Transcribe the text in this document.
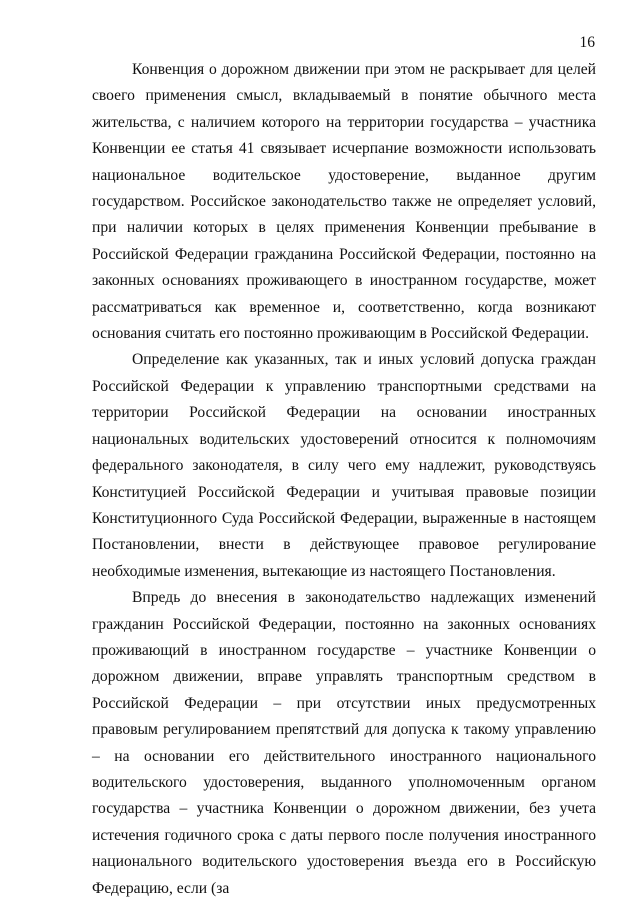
16

Конвенция о дорожном движении при этом не раскрывает для целей своего применения смысл, вкладываемый в понятие обычного места жительства, с наличием которого на территории государства – участника Конвенции ее статья 41 связывает исчерпание возможности использовать национальное водительское удостоверение, выданное другим государством. Российское законодательство также не определяет условий, при наличии которых в целях применения Конвенции пребывание в Российской Федерации гражданина Российской Федерации, постоянно на законных основаниях проживающего в иностранном государстве, может рассматриваться как временное и, соответственно, когда возникают основания считать его постоянно проживающим в Российской Федерации.

Определение как указанных, так и иных условий допуска граждан Российской Федерации к управлению транспортными средствами на территории Российской Федерации на основании иностранных национальных водительских удостоверений относится к полномочиям федерального законодателя, в силу чего ему надлежит, руководствуясь Конституцией Российской Федерации и учитывая правовые позиции Конституционного Суда Российской Федерации, выраженные в настоящем Постановлении, внести в действующее правовое регулирование необходимые изменения, вытекающие из настоящего Постановления.

Впредь до внесения в законодательство надлежащих изменений гражданин Российской Федерации, постоянно на законных основаниях проживающий в иностранном государстве – участнике Конвенции о дорожном движении, вправе управлять транспортным средством в Российской Федерации – при отсутствии иных предусмотренных правовым регулированием препятствий для допуска к такому управлению – на основании его действительного иностранного национального водительского удостоверения, выданного уполномоченным органом государства – участника Конвенции о дорожном движении, без учета истечения годичного срока с даты первого после получения иностранного национального водительского удостоверения въезда его в Российскую Федерацию, если (за
